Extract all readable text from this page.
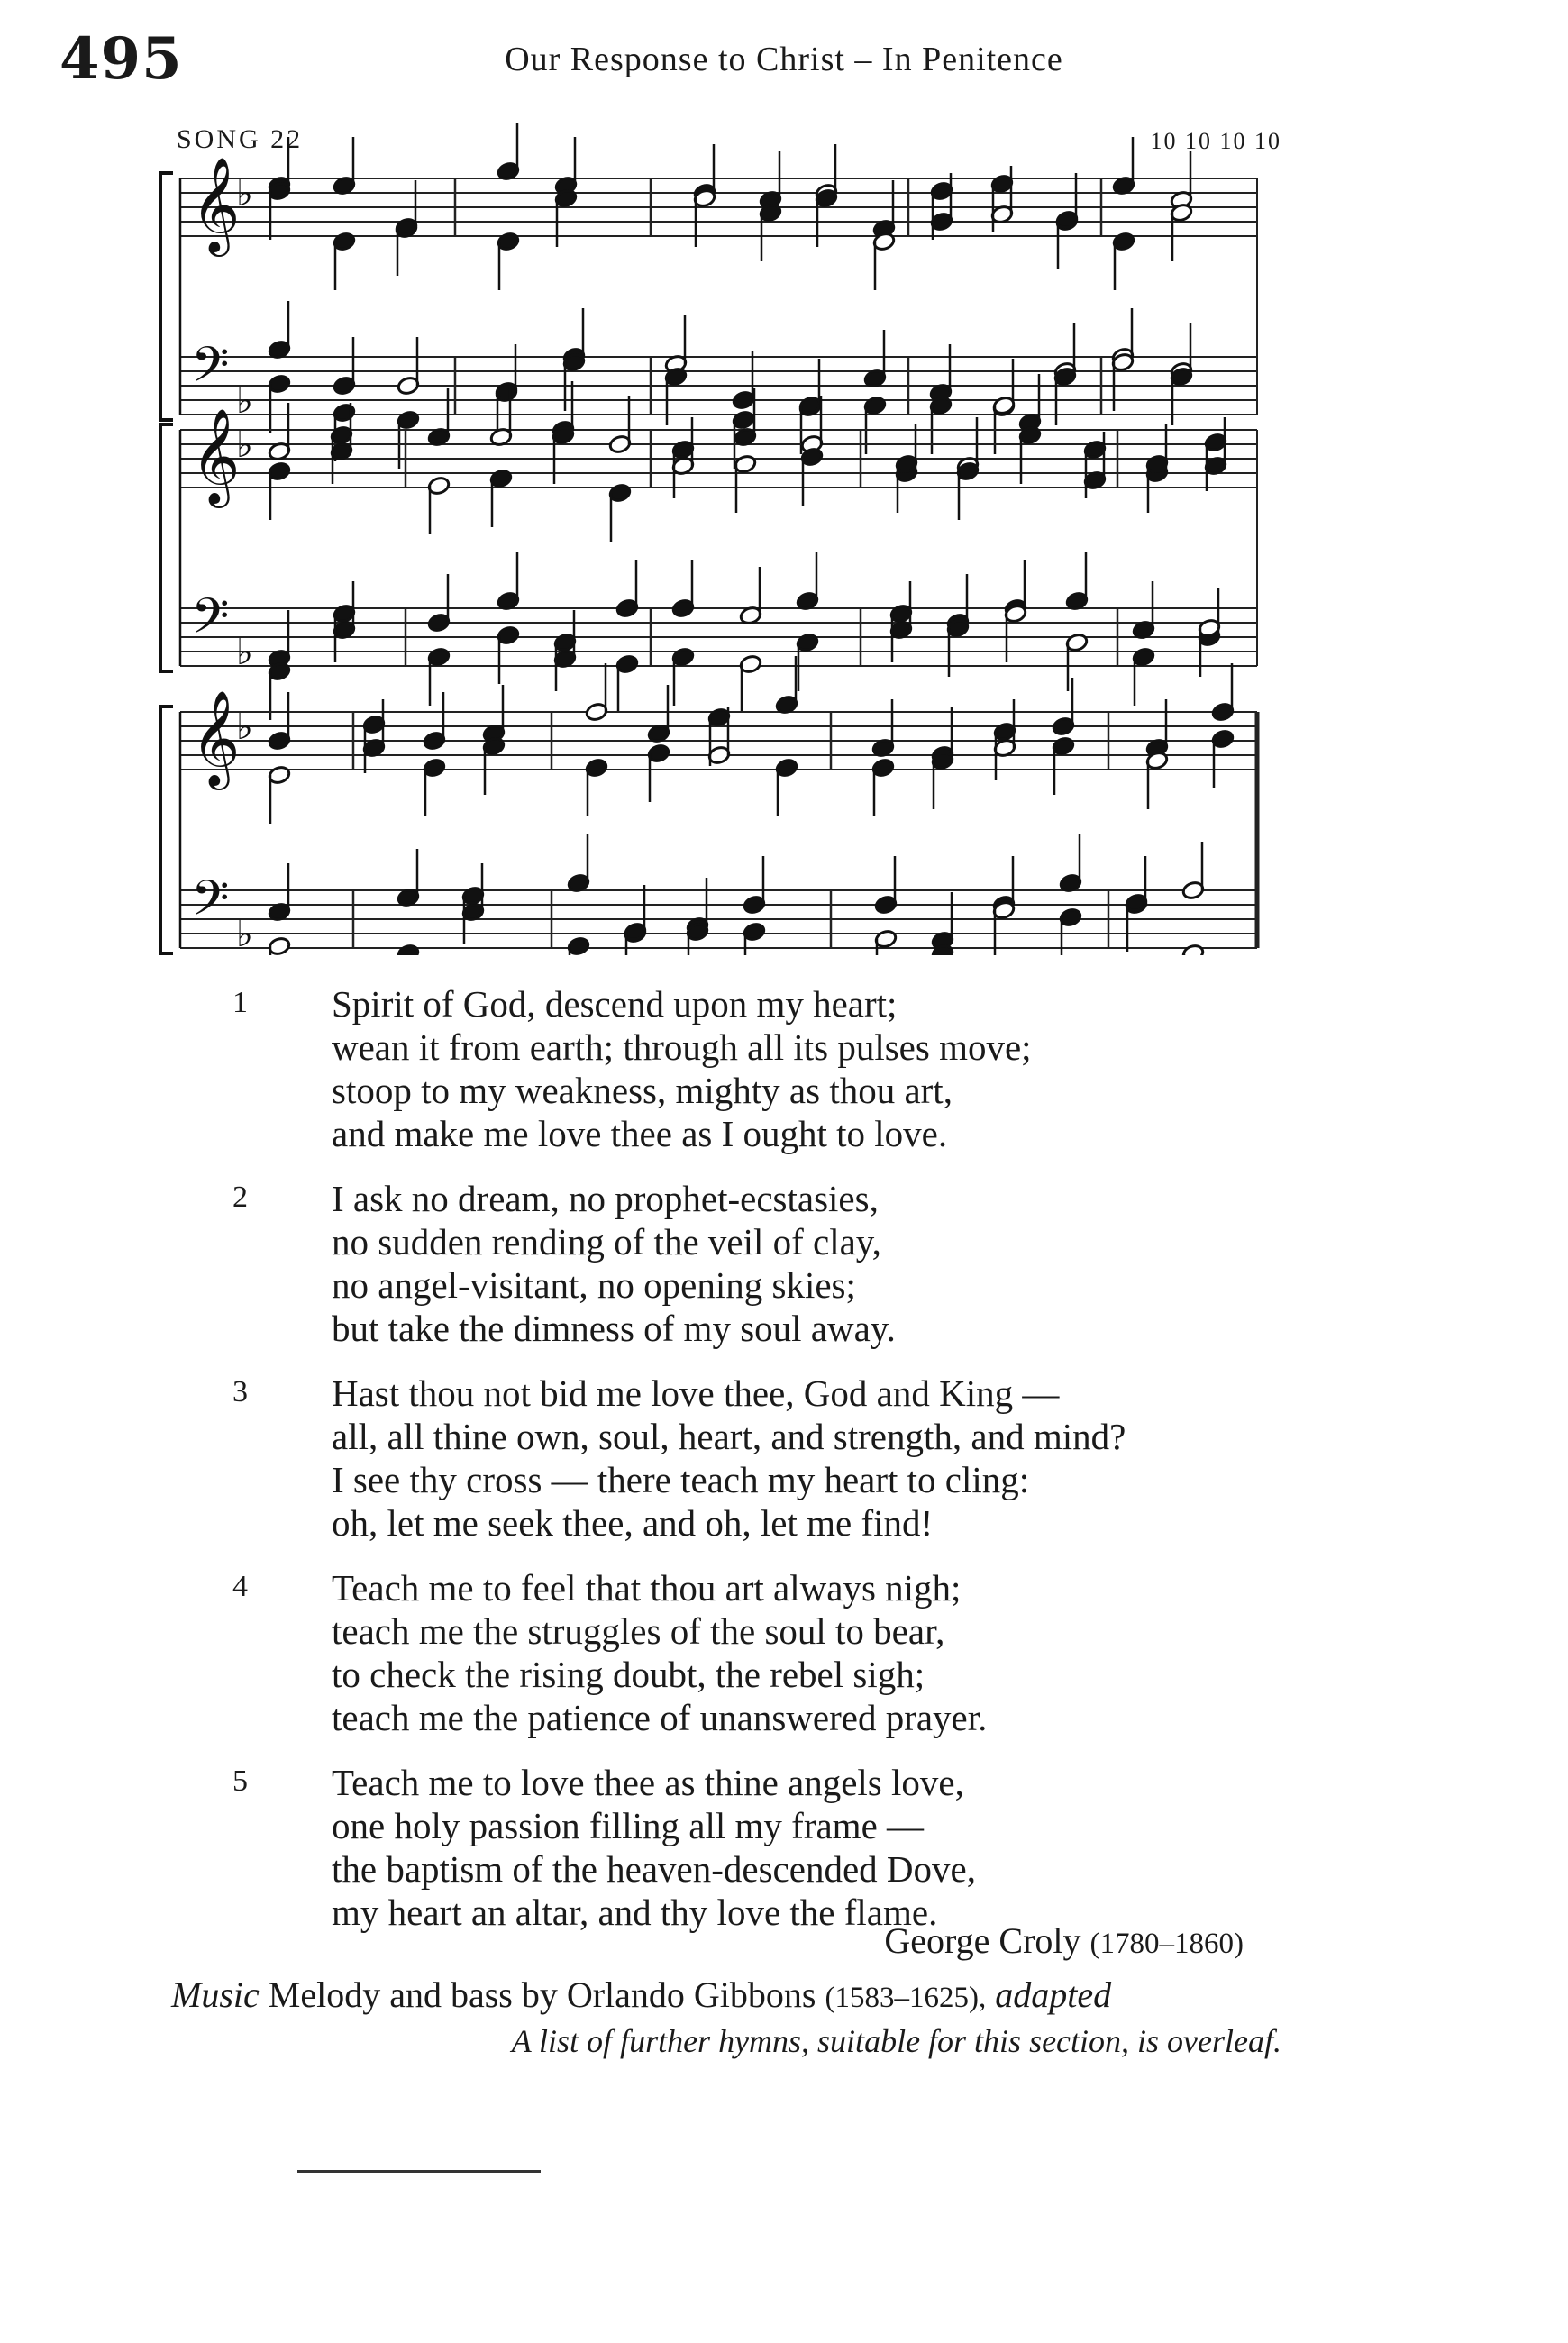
495	Our Response to Christ – In Penitence
SONG 22	10 10 10 10
𝄞
♭
𝄢 ♭
𝄞
♭
𝄢 ♭
𝄞
♭
𝄢 ♭
1	Spirit of God, descend upon my heart;
wean it from earth; through all its pulses move;
stoop to my weakness, mighty as thou art,
and make me love thee as I ought to love.
2	I ask no dream, no prophet-ecstasies,
no sudden rending of the veil of clay,
no angel-visitant, no opening skies;
but take the dimness of my soul away.
3	Hast thou not bid me love thee, God and King —
all, all thine own, soul, heart, and strength, and mind?
I see thy cross — there teach my heart to cling:
oh, let me seek thee, and oh, let me find!
4	Teach me to feel that thou art always nigh;
teach me the struggles of the soul to bear,
to check the rising doubt, the rebel sigh;
teach me the patience of unanswered prayer.
5	Teach me to love thee as thine angels love,
one holy passion filling all my frame —
the baptism of the heaven-descended Dove,
my heart an altar, and thy love the flame.
George Croly (1780–1860)
Music Melody and bass by Orlando Gibbons (1583–1625), adapted
A list of further hymns, suitable for this section, is overleaf.
